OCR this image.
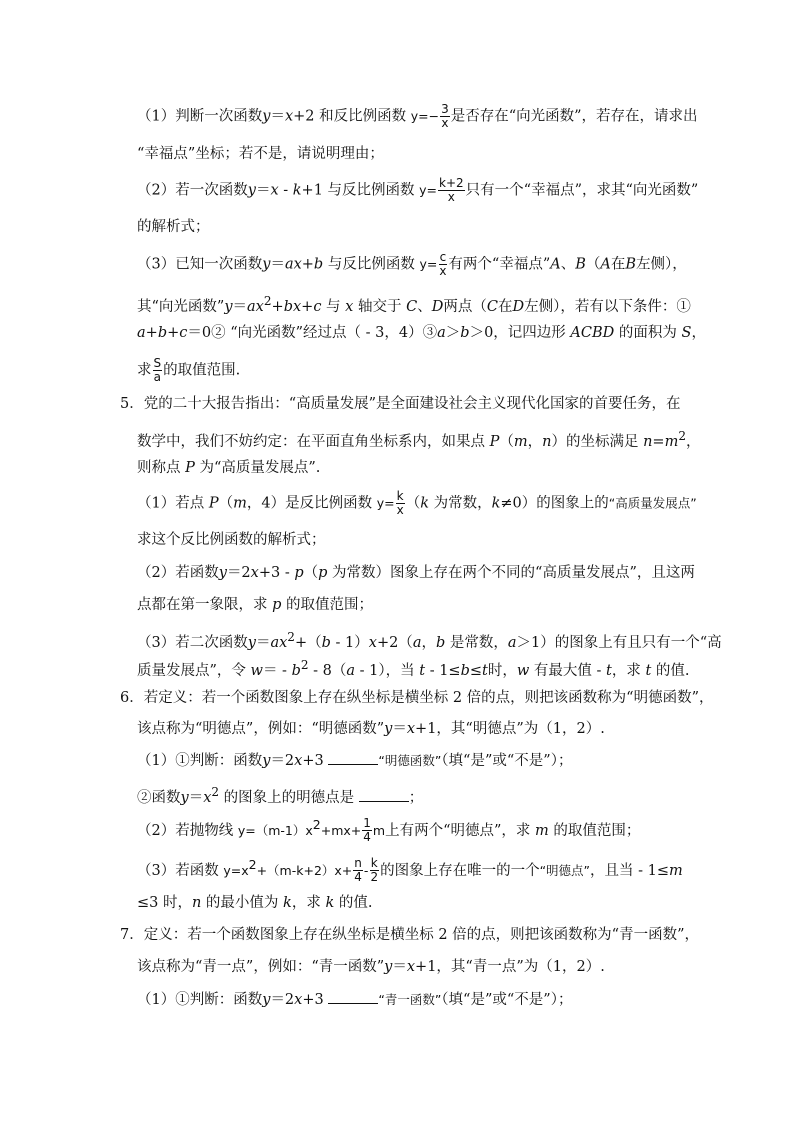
（1）判断一次函数y＝x+2 和反比例函数 $y=- \frac{3}{x}$ 是否存在“向光函数”，若存在，请求出
“幸福点”坐标；若不是，请说明理由；
（2）若一次函数y＝x - k+1 与反比例函数 $y= \frac{k+2}{x}$ 只有一个“幸福点”，求其“向光函数”
的解析式；
（3）已知一次函数y＝ax+b 与反比例函数 $y= \frac{c}{x}$ 有两个“幸福点”A、B（A在B左侧），
其“向光函数$”y=ax^2+bx+c$ 与 x 轴交于 C、D两点（C在D左侧），若有以下条件：①
a+b+c＝0② “向光函数”经过点（ - 3，4）③a＞b＞0，记四边形 ACBD 的面积为 S，
求 $\frac{S}{a}$ 的取值范围.
5．党的二十大报告指出：“高质量发展”是全面建设社会主义现代化国家的首要任务，在
数学中，我们不妨约定：在平面直角坐标系内，如果点 P（m，n）的坐标满足 $n=m^2$，
则称点 P 为“高质量发展点”.
（1）若点 P（m，4）是反比例函数 $y= \frac{k}{x} (k$ 为常数，k≠0）的图象上的“高质量发展点”
求这个反比例函数的解析式；
（2）若函数y＝2x+3 - p（p 为常数）图象上存在两个不同的“高质量发展点”，且这两
点都在第一象限，求 p 的取值范围；
（3）若二次函数$y=ax^2+(b - 1)x+2(a$，b 是常数，a＞1）的图象上有且只有一个“高
质量发展点”，令 $w= - b^2 - 8(a - 1)$，当 t - 1≤b≤t时，w 有最大值 - t，求 t 的值.
6．若定义：若一个函数图象上存在纵坐标是横坐标 2 倍的点，则把该函数称为“明德函数”，
该点称为“明德点”，例如：“明德函数”y＝x+1，其“明德点”为（1，2）.
（1）①判断：函数y＝2x+3	“明德函数”（填“是”或“不是”）；
②函数$y=x^2$ 的图象上的明德点是	；
（2）若抛物线 $y=(m-1)x^2+mx+ \frac{1}{4}$ m上有两个“明德点”，求 m 的取值范围；
（3）若函数 $y=x^2+(m-k+2)x+ \frac{n}{4} - \frac{k}{2}$ 的图象上存在唯一的一个“明德点”，且当 - 1≤m
≤3 时，n 的最小值为 k，求 k 的值.
7．定义：若一个函数图象上存在纵坐标是横坐标 2 倍的点，则把该函数称为“青一函数”，
该点称为“青一点”，例如：“青一函数”y＝x+1，其“青一点”为（1，2）.
（1）①判断：函数y＝2x+3	“青一函数”（填“是”或“不是”）；
